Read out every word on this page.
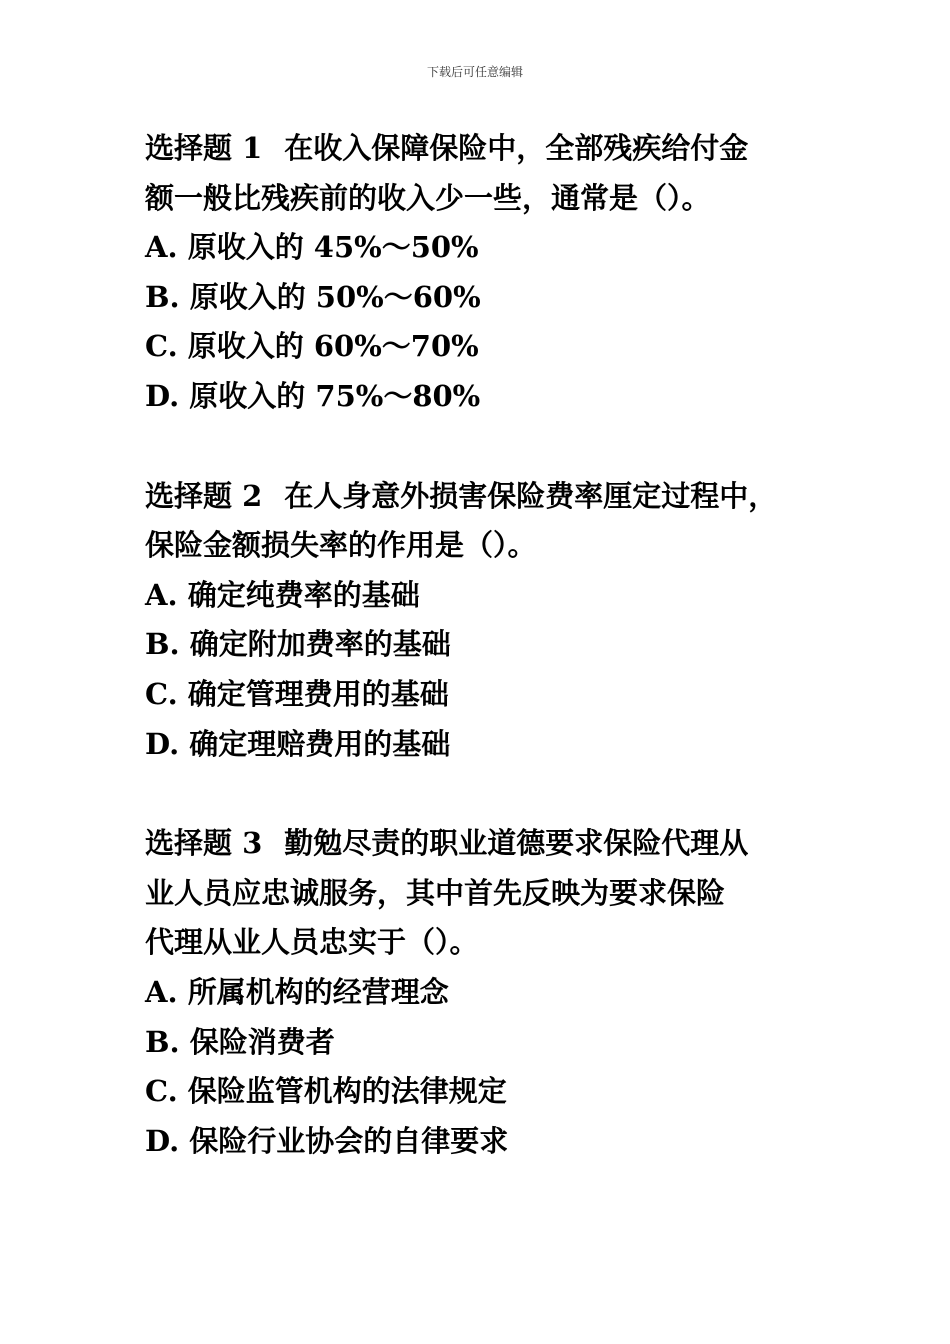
下载后可任意编辑
选择题 1 在收入保障保险中，全部残疾给付金
额一般比残疾前的收入少一些，通常是（）。
A. 原收入的 45%～50%
B. 原收入的 50%～60%
C. 原收入的 60%～70%
D. 原收入的 75%～80%
选择题 2 在人身意外损害保险费率厘定过程中，
保险金额损失率的作用是（）。
A. 确定纯费率的基础
B. 确定附加费率的基础
C. 确定管理费用的基础
D. 确定理赔费用的基础
选择题 3 勤勉尽责的职业道德要求保险代理从
业人员应忠诚服务，其中首先反映为要求保险
代理从业人员忠实于（）。
A. 所属机构的经营理念
B. 保险消费者
C. 保险监管机构的法律规定
D. 保险行业协会的自律要求
